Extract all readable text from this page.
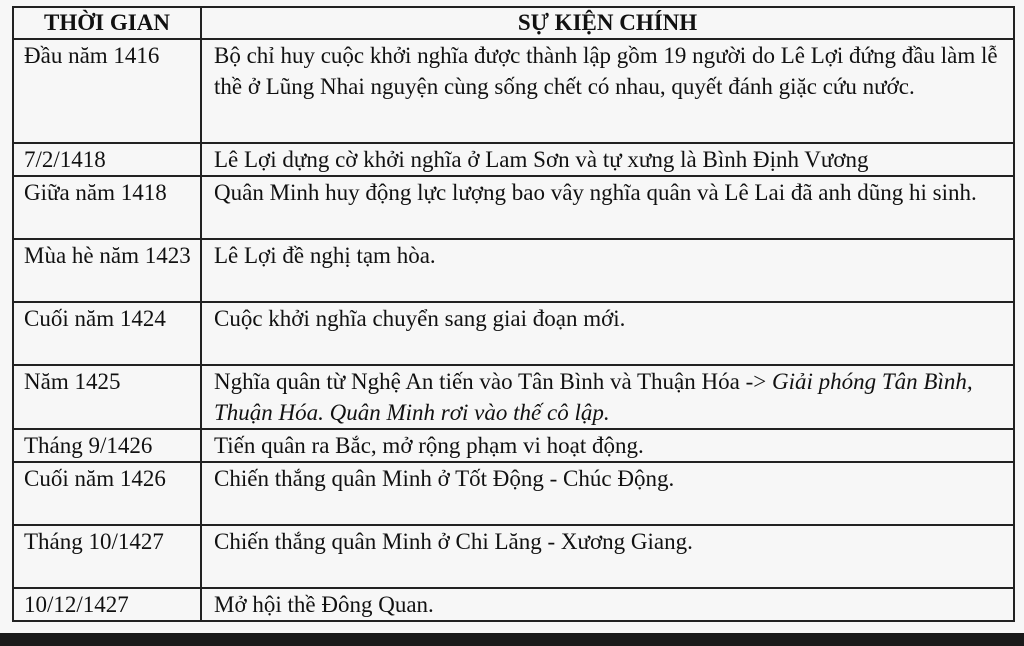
THỜI GIAN	SỰ KIỆN CHÍNH
Đầu năm 1416	Bộ chỉ huy cuộc khởi nghĩa được thành lập gồm 19 người do Lê Lợi đứng đầu làm lễ thề ở Lũng Nhai nguyện cùng sống chết có nhau, quyết đánh giặc cứu nước.
7/2/1418	Lê Lợi dựng cờ khởi nghĩa ở Lam Sơn và tự xưng là Bình Định Vương
Giữa năm 1418	Quân Minh huy động lực lượng bao vây nghĩa quân và Lê Lai đã anh dũng hi sinh.
Mùa hè năm 1423	Lê Lợi đề nghị tạm hòa.
Cuối năm 1424	Cuộc khởi nghĩa chuyển sang giai đoạn mới.
Năm 1425	Nghĩa quân từ Nghệ An tiến vào Tân Bình và Thuận Hóa -> Giải phóng Tân Bình, Thuận Hóa. Quân Minh rơi vào thế cô lập.
Tháng 9/1426	Tiến quân ra Bắc, mở rộng phạm vi hoạt động.
Cuối năm 1426	Chiến thắng quân Minh ở Tốt Động - Chúc Động.
Tháng 10/1427	Chiến thắng quân Minh ở Chi Lăng - Xương Giang.
10/12/1427	Mở hội thề Đông Quan.
